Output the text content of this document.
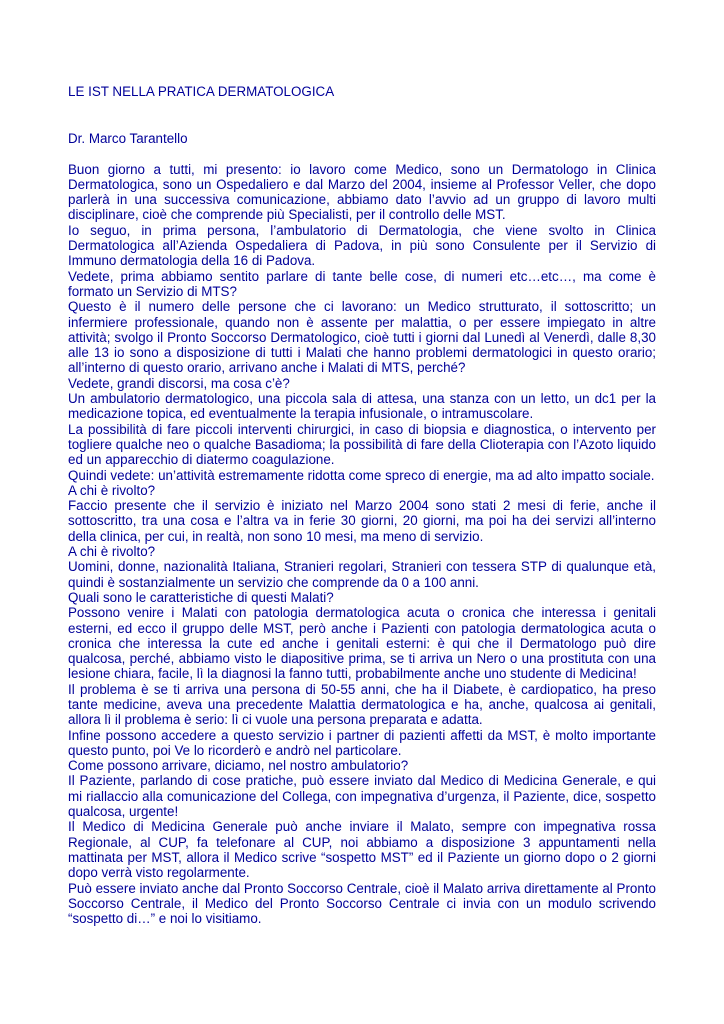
LE IST NELLA PRATICA DERMATOLOGICA
Dr. Marco Tarantello

Buon giorno a tutti, mi presento: io lavoro come Medico, sono un Dermatologo in Clinica Dermatologica, sono un Ospedaliero e dal Marzo del 2004, insieme al Professor Veller, che dopo parlerà in una successiva comunicazione, abbiamo dato l’avvio ad un gruppo di lavoro multi disciplinare, cioè che comprende più Specialisti, per il controllo delle MST.

Io seguo, in prima persona, l’ambulatorio di Dermatologia, che viene svolto in Clinica Dermatologica all’Azienda Ospedaliera di Padova, in più sono Consulente per il Servizio di Immuno dermatologia della 16 di Padova.

Vedete, prima abbiamo sentito parlare di tante belle cose, di numeri etc…etc…, ma come è formato un Servizio di MTS?

Questo è il numero delle persone che ci lavorano: un Medico strutturato, il sottoscritto; un infermiere professionale, quando non è assente per malattia, o per essere impiegato in altre attività; svolgo il Pronto Soccorso Dermatologico, cioè tutti i giorni dal Lunedì al Venerdì, dalle 8,30 alle 13 io sono a disposizione di tutti i Malati che hanno problemi dermatologici in questo orario; all’interno di questo orario, arrivano anche i Malati di MTS, perché?

Vedete, grandi discorsi, ma cosa c’è?

Un ambulatorio dermatologico, una piccola sala di attesa, una stanza con un letto, un dc1 per la medicazione topica, ed eventualmente la terapia infusionale, o intramuscolare.

La possibilità di fare piccoli interventi chirurgici, in caso di biopsia e diagnostica, o intervento per togliere qualche neo o qualche Basadioma; la possibilità di fare della Clioterapia con l’Azoto liquido ed un apparecchio di diatermo coagulazione.

Quindi vedete: un’attività estremamente ridotta come spreco di energie, ma ad alto impatto sociale.

A chi è rivolto?

Faccio presente che il servizio è iniziato nel Marzo 2004 sono stati 2 mesi di ferie, anche il sottoscritto, tra una cosa e l’altra va in ferie 30 giorni, 20 giorni, ma poi ha dei servizi all’interno della clinica, per cui, in realtà, non sono 10 mesi, ma meno di servizio.

A chi è rivolto?

Uomini, donne, nazionalità Italiana, Stranieri regolari, Stranieri con tessera STP di qualunque età, quindi è sostanzialmente un servizio che comprende da 0 a 100 anni.

Quali sono le caratteristiche di questi Malati?

Possono venire i Malati con patologia dermatologica acuta o cronica che interessa i genitali esterni, ed ecco il gruppo delle MST, però anche i Pazienti con patologia dermatologica acuta o cronica che interessa la cute ed anche i genitali esterni: è qui che il Dermatologo può dire qualcosa, perché, abbiamo visto le diapositive prima, se ti arriva un Nero o una prostituta con una lesione chiara, facile, lì la diagnosi la fanno tutti, probabilmente anche uno studente di Medicina!

Il problema è se ti arriva una persona di 50-55 anni, che ha il Diabete, è cardiopatico, ha preso tante medicine, aveva una precedente Malattia dermatologica e ha, anche, qualcosa ai genitali, allora lì il problema è serio: lì ci vuole una persona preparata e adatta.

Infine possono accedere a questo servizio i partner di pazienti affetti da MST, è molto importante questo punto, poi Ve lo ricorderò e andrò nel particolare.

Come possono arrivare, diciamo, nel nostro ambulatorio?

Il Paziente, parlando di cose pratiche, può essere inviato dal Medico di Medicina Generale, e qui mi riallaccio alla comunicazione del Collega, con impegnativa d’urgenza, il Paziente, dice, sospetto qualcosa, urgente!

Il Medico di Medicina Generale può anche inviare il Malato, sempre con impegnativa rossa Regionale, al CUP, fa telefonare al CUP, noi abbiamo a disposizione 3 appuntamenti nella mattinata per MST, allora il Medico scrive “sospetto MST” ed il Paziente un giorno dopo o 2 giorni dopo verrà visto regolarmente.

Può essere inviato anche dal Pronto Soccorso Centrale, cioè il Malato arriva direttamente al Pronto Soccorso Centrale, il Medico del Pronto Soccorso Centrale ci invia con un modulo scrivendo “sospetto di…” e noi lo visitiamo.
